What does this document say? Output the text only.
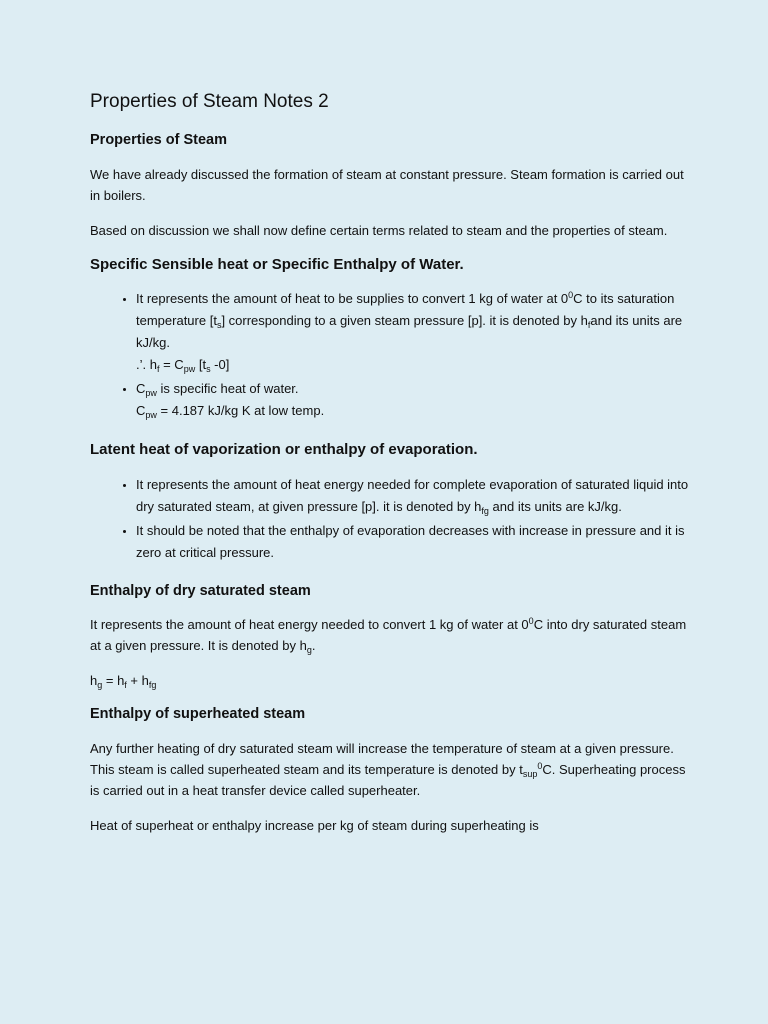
Properties of Steam Notes 2
Properties of Steam

We have already discussed the formation of steam at constant pressure. Steam formation is carried out in boilers.

Based on discussion we shall now define certain terms related to steam and the properties of steam.

Specific Sensible heat or Specific Enthalpy of Water.
• It represents the amount of heat to be supplies to convert 1 kg of water at $0^0C$ to its saturation temperature $[t_s]$ corresponding to a given steam pressure [p]. it is denoted by $h_fand$ its units are kJ/kg.
.’. $h_f = C_{pw}$ [$t_s$ -0]
• $C_{pw}$ is specific heat of water.
$C_{pw} = 4.187$ kJ/kg K at low temp.
Latent heat of vaporization or enthalpy of evaporation.
• It represents the amount of heat energy needed for complete evaporation of saturated liquid into dry saturated steam, at given pressure [p]. it is denoted by $h_{fg}$ and its units are kJ/kg.
• It should be noted that the enthalpy of evaporation decreases with increase in pressure and it is zero at critical pressure.
Enthalpy of dry saturated steam

It represents the amount of heat energy needed to convert 1 kg of water at $0^0C$ into dry saturated steam at a given pressure. It is denoted by $h_g$.

$h_g = h_f + h_{fg}$

Enthalpy of superheated steam

Any further heating of dry saturated steam will increase the temperature of steam at a given pressure. This steam is called superheated steam and its temperature is denoted by $t_{sup}^0C$. Superheating process is carried out in a heat transfer device called superheater.

Heat of superheat or enthalpy increase per kg of steam during superheating is
